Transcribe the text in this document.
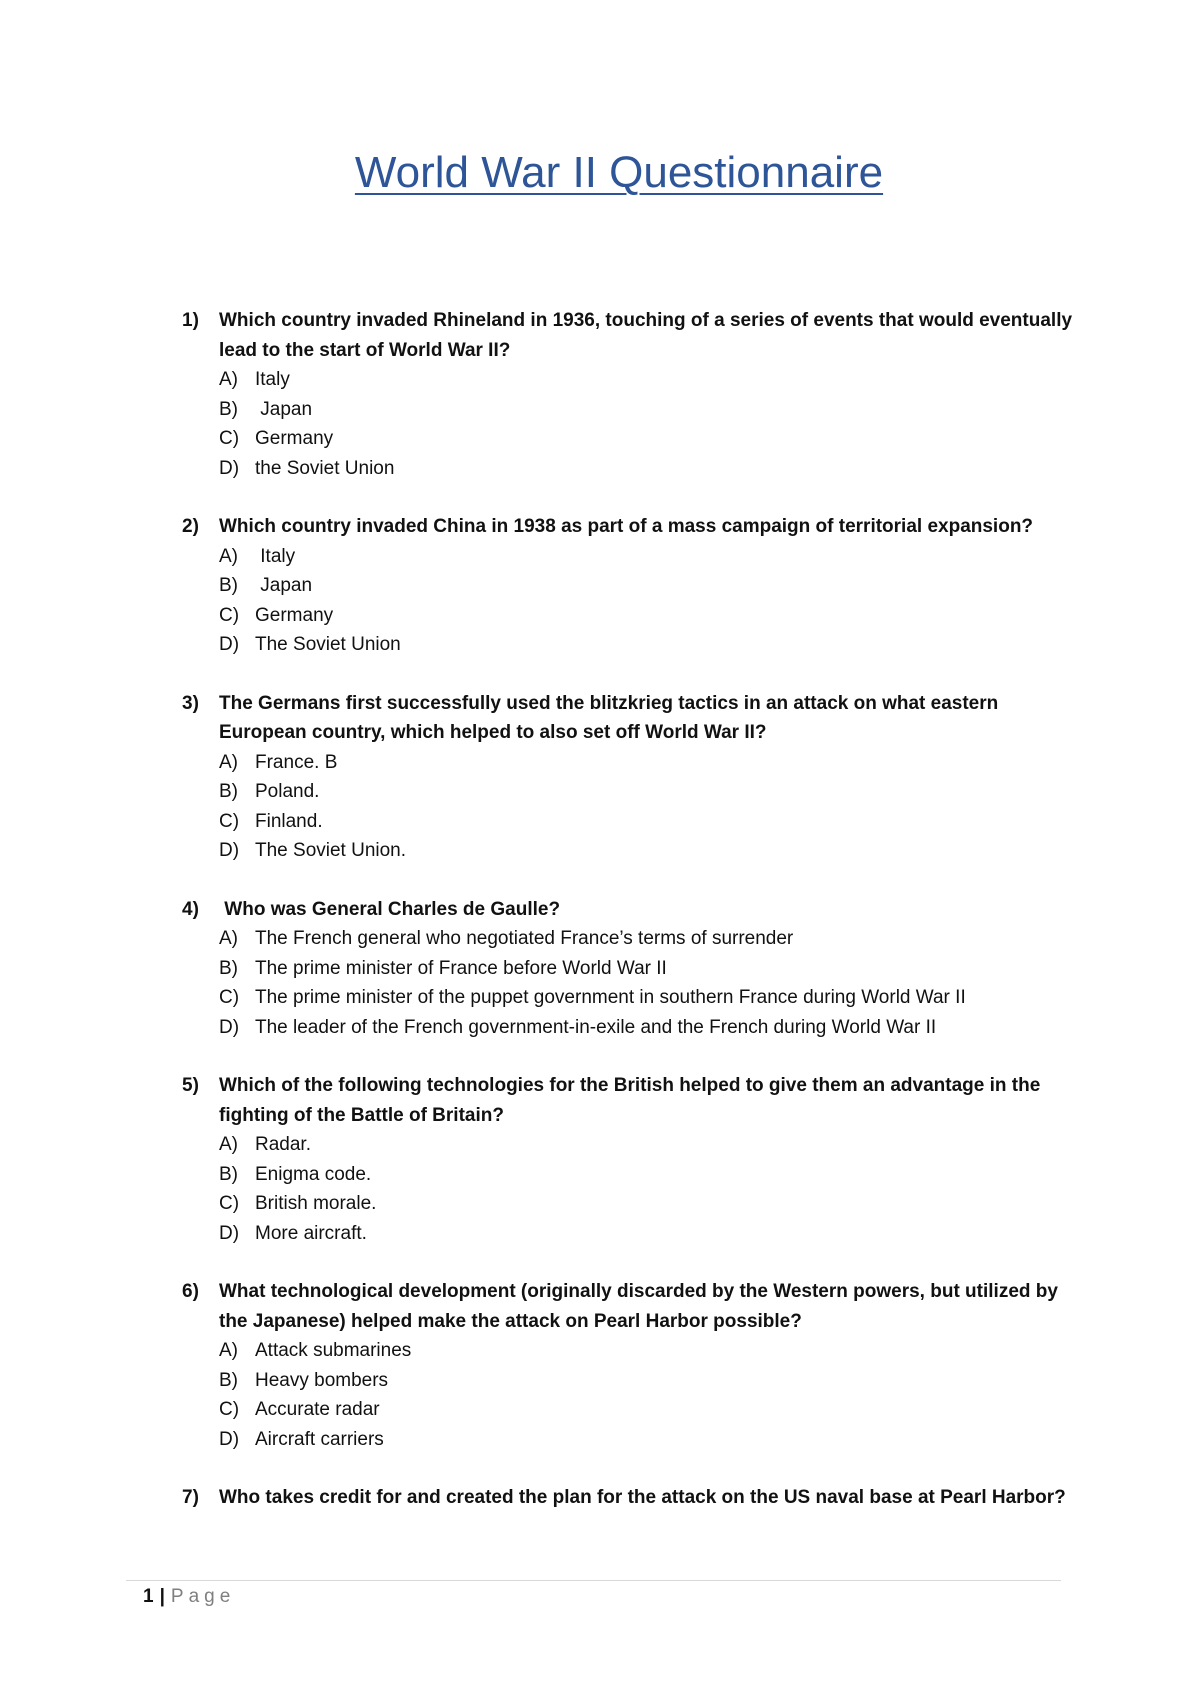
World War II Questionnaire
1)	Which country invaded Rhineland in 1936, touching of a series of events that would eventually lead to the start of World War II?
A) Italy
B) Japan
C) Germany
D) the Soviet Union
2)	Which country invaded China in 1938 as part of a mass campaign of territorial expansion?
A) Italy
B) Japan
C) Germany
D) The Soviet Union
3)	The Germans first successfully used the blitzkrieg tactics in an attack on what eastern European country, which helped to also set off World War II?
A) France. B
B) Poland.
C) Finland.
D) The Soviet Union.
4)	Who was General Charles de Gaulle?
A) The French general who negotiated France’s terms of surrender
B) The prime minister of France before World War II
C) The prime minister of the puppet government in southern France during World War II
D) The leader of the French government-in-exile and the French during World War II
5)	Which of the following technologies for the British helped to give them an advantage in the fighting of the Battle of Britain?
A) Radar.
B) Enigma code.
C) British morale.
D) More aircraft.
6)	What technological development (originally discarded by the Western powers, but utilized by the Japanese) helped make the attack on Pearl Harbor possible?
A) Attack submarines
B) Heavy bombers
C) Accurate radar
D) Aircraft carriers
7)	Who takes credit for and created the plan for the attack on the US naval base at Pearl Harbor?
1 | Page
